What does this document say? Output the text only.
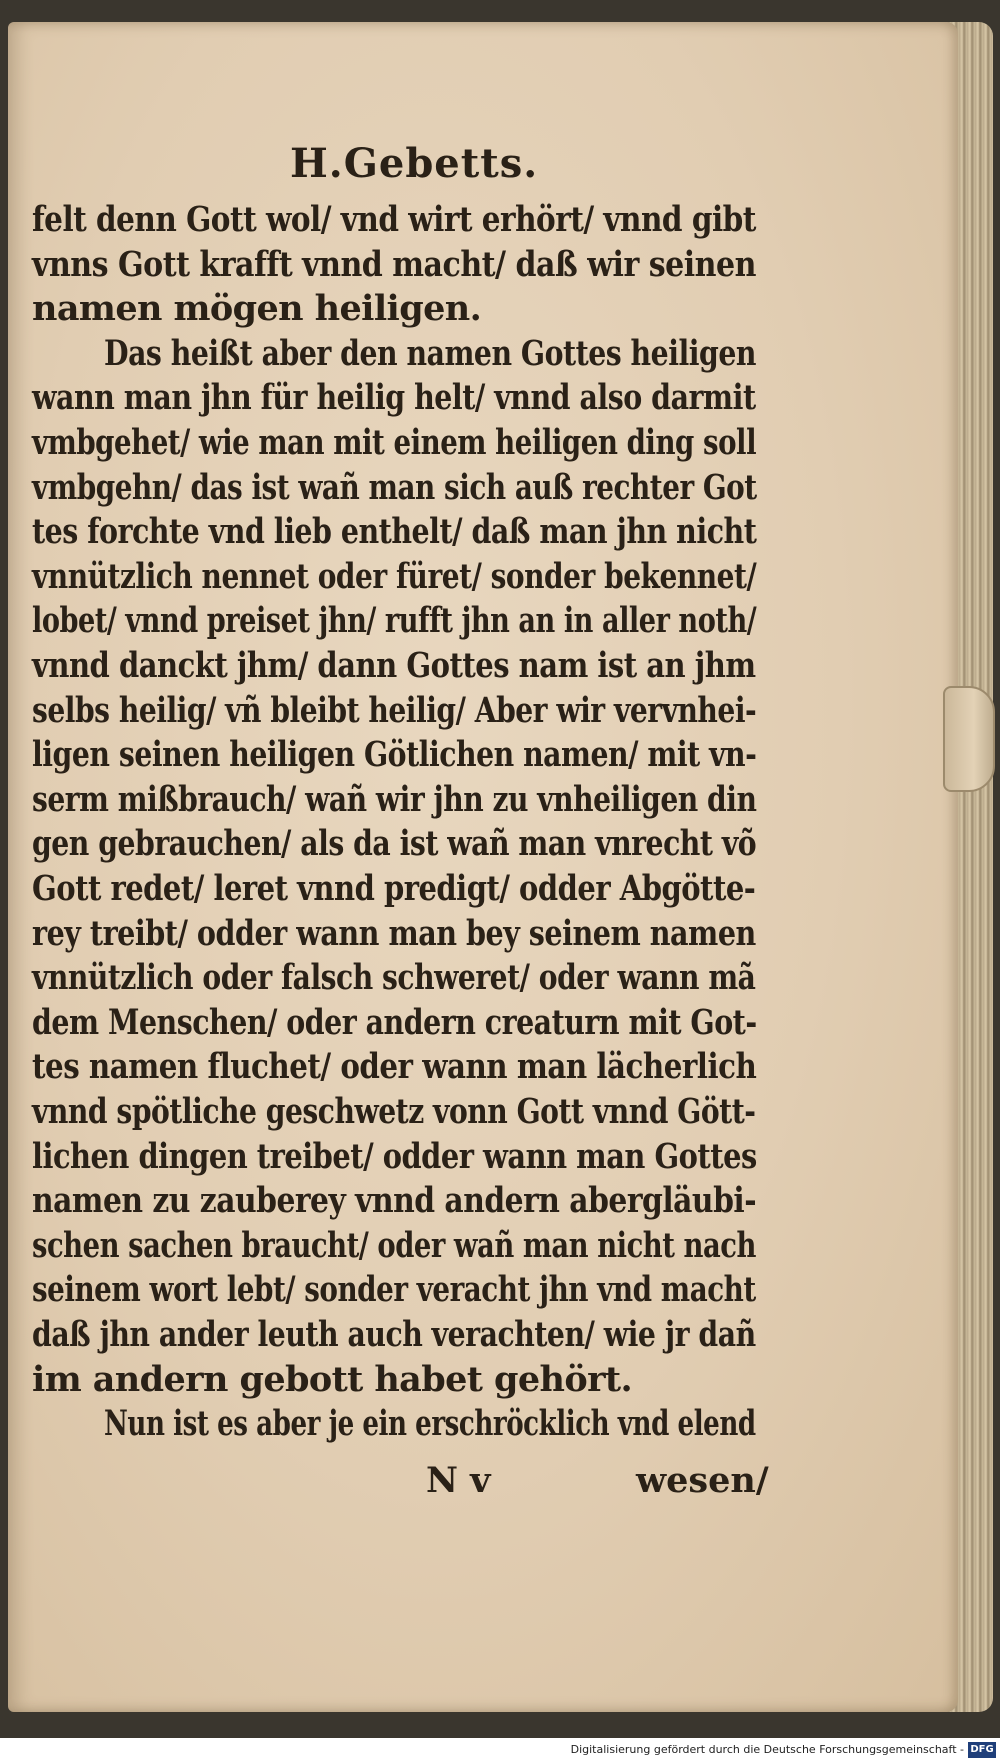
H.Gebetts.
felt denn Gott wol/ vnd wirt erhört/ vnnd gibt
vnns Gott krafft vnnd macht/ daß wir seinen
namen mögen heiligen.
Das heißt aber den namen Gottes heiligen
wann man jhn für heilig helt/ vnnd also darmit
vmbgehet/ wie man mit einem heiligen ding soll
vmbgehn/ das ist wañ man sich auß rechter Got
tes forchte vnd lieb enthelt/ daß man jhn nicht
vnnützlich nennet oder füret/ sonder bekennet/
lobet/ vnnd preiset jhn/ rufft jhn an in aller noth/
vnnd danckt jhm/ dann Gottes nam ist an jhm
selbs heilig/ vñ bleibt heilig/ Aber wir vervnhei-
ligen seinen heiligen Götlichen namen/ mit vn-
serm mißbrauch/ wañ wir jhn zu vnheiligen din
gen gebrauchen/ als da ist wañ man vnrecht võ
Gott redet/ leret vnnd predigt/ odder Abgötte-
rey treibt/ odder wann man bey seinem namen
vnnützlich oder falsch schweret/ oder wann mã
dem Menschen/ oder andern creaturn mit Got-
tes namen fluchet/ oder wann man lächerlich
vnnd spötliche geschwetz vonn Gott vnnd Gött-
lichen dingen treibet/ odder wann man Gottes
namen zu zauberey vnnd andern abergläubi-
schen sachen braucht/ oder wañ man nicht nach
seinem wort lebt/ sonder veracht jhn vnd macht
daß jhn ander leuth auch verachten/ wie jr dañ
im andern gebott habet gehört.
Nun ist es aber je ein erschröcklich vnd elend
N v	wesen/
Digitalisierung gefördert durch die Deutsche Forschungsgemeinschaft - DFG
